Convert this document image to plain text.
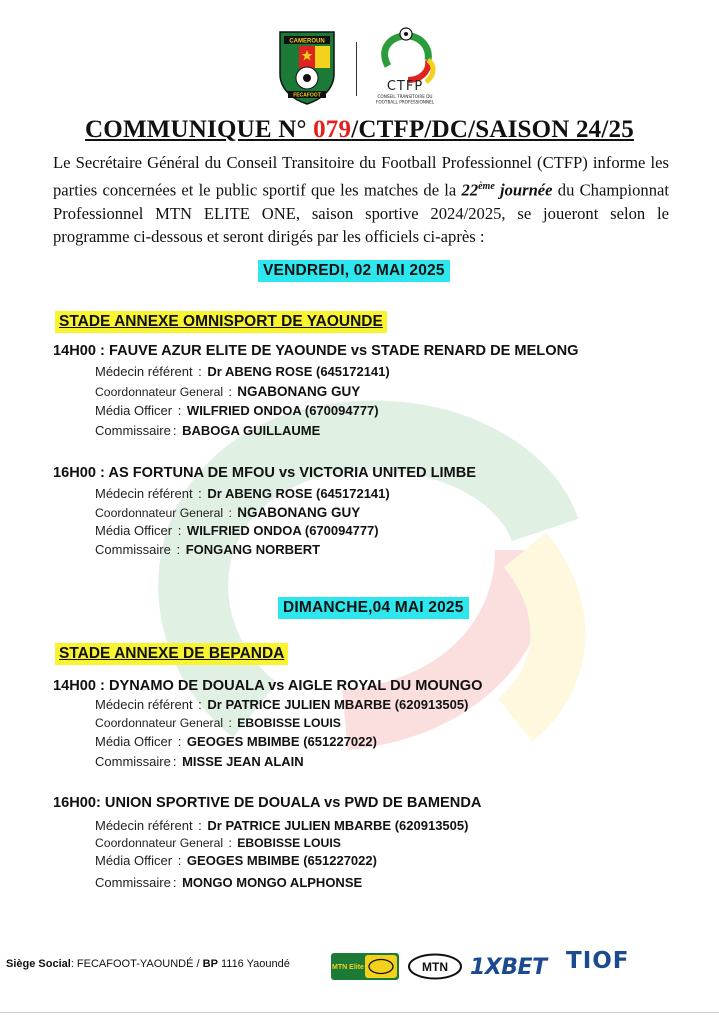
CAMEROUN
FECAFOOT
CTFP
CONSEIL TRANSITOIRE DU
FOOTBALL PROFESSIONNEL
COMMUNIQUE N° 079/CTFP/DC/SAISON 24/25
Le Secrétaire Général du Conseil Transitoire du Football Professionnel (CTFP) informe les parties concernées et le public sportif que les matches de la 22ème journée du Championnat Professionnel MTN ELITE ONE, saison sportive 2024/2025, se joueront selon le programme ci-dessous et seront dirigés par les officiels ci-après :
VENDREDI, 02 MAI 2025
STADE ANNEXE OMNISPORT DE YAOUNDE
14H00 : FAUVE AZUR ELITE DE YAOUNDE vs STADE RENARD DE MELONG
Médecin référent : Dr ABENG ROSE (645172141)
Coordonnateur General : NGABONANG GUY
Média Officer : WILFRIED ONDOA (670094777)
Commissaire : BABOGA GUILLAUME
16H00 : AS FORTUNA DE MFOU vs VICTORIA UNITED LIMBE
Médecin référent : Dr ABENG ROSE (645172141)
Coordonnateur General : NGABONANG GUY
Média Officer : WILFRIED ONDOA (670094777)
Commissaire : FONGANG NORBERT
DIMANCHE,04 MAI 2025
STADE ANNEXE DE BEPANDA
14H00 : DYNAMO DE DOUALA vs AIGLE ROYAL DU MOUNGO
Médecin référent : Dr PATRICE JULIEN MBARBE (620913505)
Coordonnateur General : EBOBISSE LOUIS
Média Officer : GEOGES MBIMBE (651227022)
Commissaire : MISSE JEAN ALAIN
16H00: UNION SPORTIVE DE DOUALA vs PWD DE BAMENDA
Médecin référent : Dr PATRICE JULIEN MBARBE (620913505)
Coordonnateur General : EBOBISSE LOUIS
Média Officer : GEOGES MBIMBE (651227022)
Commissaire : MONGO MONGO ALPHONSE
Siège Social: FECAFOOT-YAOUNDÉ / BP 1116 Yaoundé	MTN Elite	MTN 1XBET TIOF
